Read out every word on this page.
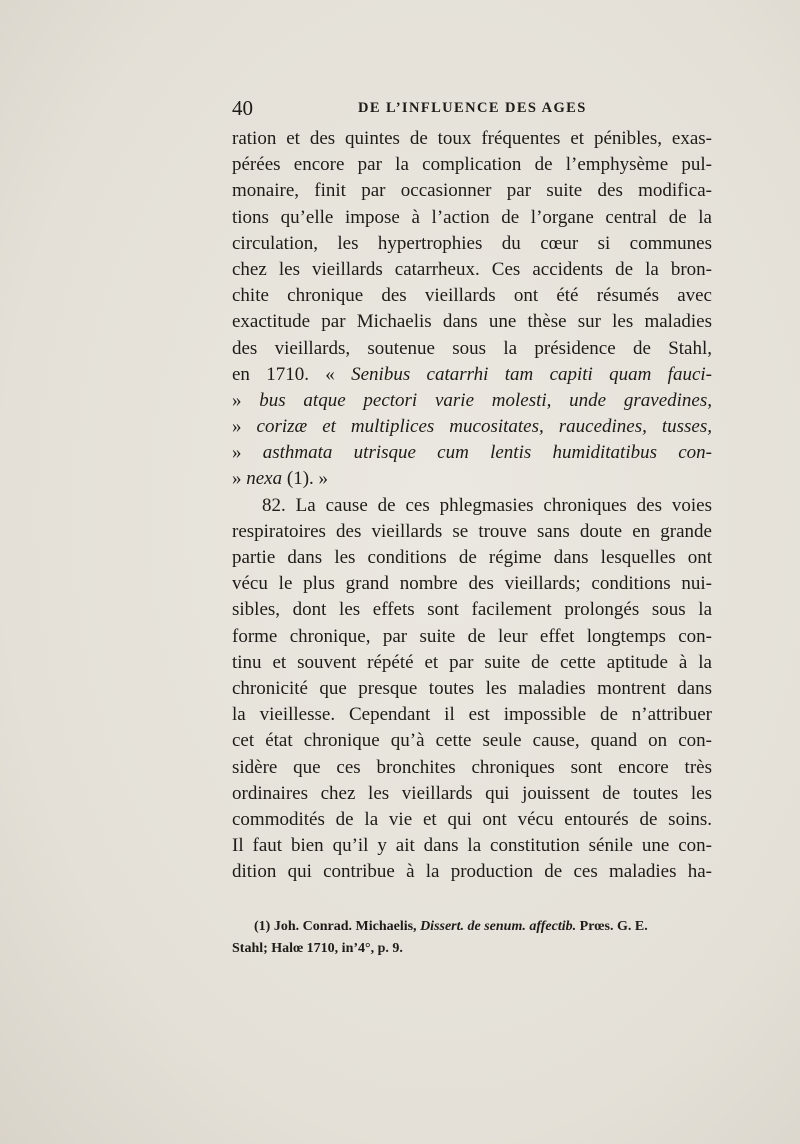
40	DE L’INFLUENCE DES AGES
ration et des quintes de toux fréquentes et pénibles, exas-
pérées encore par la complication de l’emphysème pul-
monaire, finit par occasionner par suite des modifica-
tions qu’elle impose à l’action de l’organe central de la
circulation, les hypertrophies du cœur si communes
chez les vieillards catarrheux. Ces accidents de la bron-
chite chronique des vieillards ont été résumés avec
exactitude par Michaelis dans une thèse sur les maladies
des vieillards, soutenue sous la présidence de Stahl,
en 1710. « Senibus catarrhi tam capiti quam fauci-
» bus atque pectori varie molesti, unde gravedines,
» corizæ et multiplices mucositates, raucedines, tusses,
» asthmata utrisque cum lentis humiditatibus con-
» nexa (1). »
82. La cause de ces phlegmasies chroniques des voies
respiratoires des vieillards se trouve sans doute en grande
partie dans les conditions de régime dans lesquelles ont
vécu le plus grand nombre des vieillards; conditions nui-
sibles, dont les effets sont facilement prolongés sous la
forme chronique, par suite de leur effet longtemps con-
tinu et souvent répété et par suite de cette aptitude à la
chronicité que presque toutes les maladies montrent dans
la vieillesse. Cependant il est impossible de n’attribuer
cet état chronique qu’à cette seule cause, quand on con-
sidère que ces bronchites chroniques sont encore très
ordinaires chez les vieillards qui jouissent de toutes les
commodités de la vie et qui ont vécu entourés de soins.
Il faut bien qu’il y ait dans la constitution sénile une con-
dition qui contribue à la production de ces maladies ha-
(1) Joh. Conrad. Michaelis, Dissert. de senum. affectib. Prœs. G. E.
Stahl; Halœ 1710, in’4°, p. 9.
